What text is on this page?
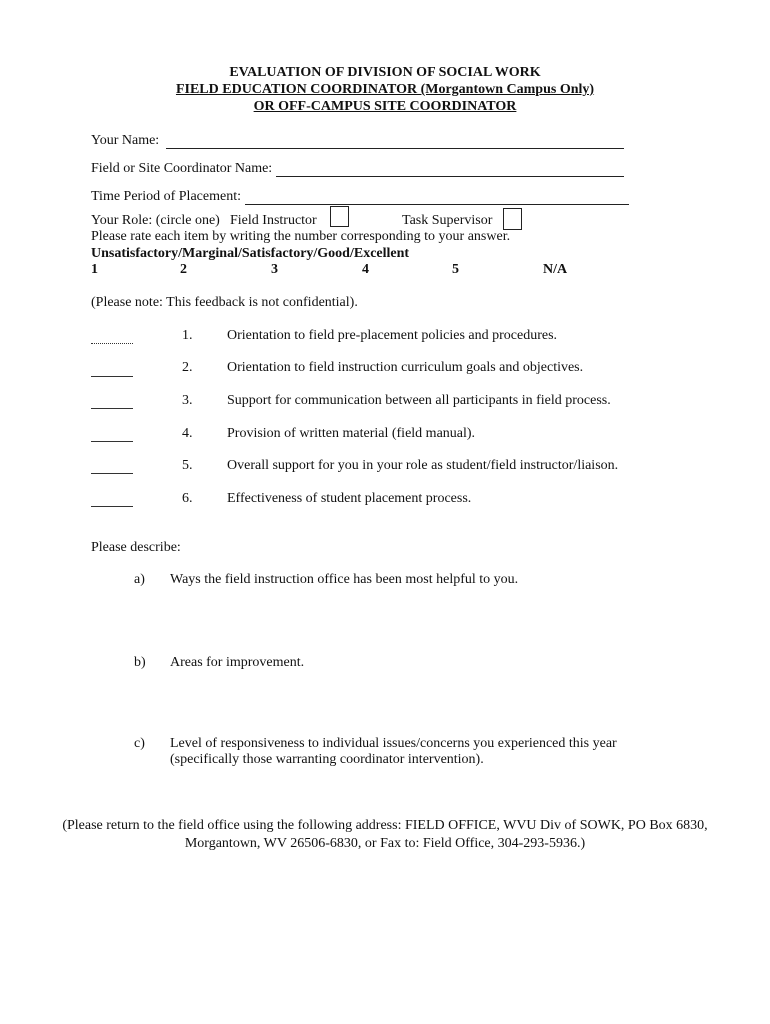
EVALUATION OF DIVISION OF SOCIAL WORK
FIELD EDUCATION COORDINATOR (Morgantown Campus Only)
OR OFF-CAMPUS SITE COORDINATOR
Your Name:
Field or Site Coordinator Name:
Time Period of Placement:
Your Role: (circle one) Field Instructor	Task Supervisor
Please rate each item by writing the number corresponding to your answer.
Unsatisfactory/Marginal/Satisfactory/Good/Excellent
1	2	3	4	5	N/A
(Please note: This feedback is not confidential).
1. Orientation to field pre-placement policies and procedures.
2. Orientation to field instruction curriculum goals and objectives.
3. Support for communication between all participants in field process.
4. Provision of written material (field manual).
5. Overall support for you in your role as student/field instructor/liaison.
6. Effectiveness of student placement process.
Please describe:
a) Ways the field instruction office has been most helpful to you.
b) Areas for improvement.
c) Level of responsiveness to individual issues/concerns you experienced this year
(specifically those warranting coordinator intervention).
(Please return to the field office using the following address: FIELD OFFICE, WVU Div of SOWK, PO Box 6830, Morgantown, WV 26506-6830, or Fax to: Field Office, 304-293-5936.)
